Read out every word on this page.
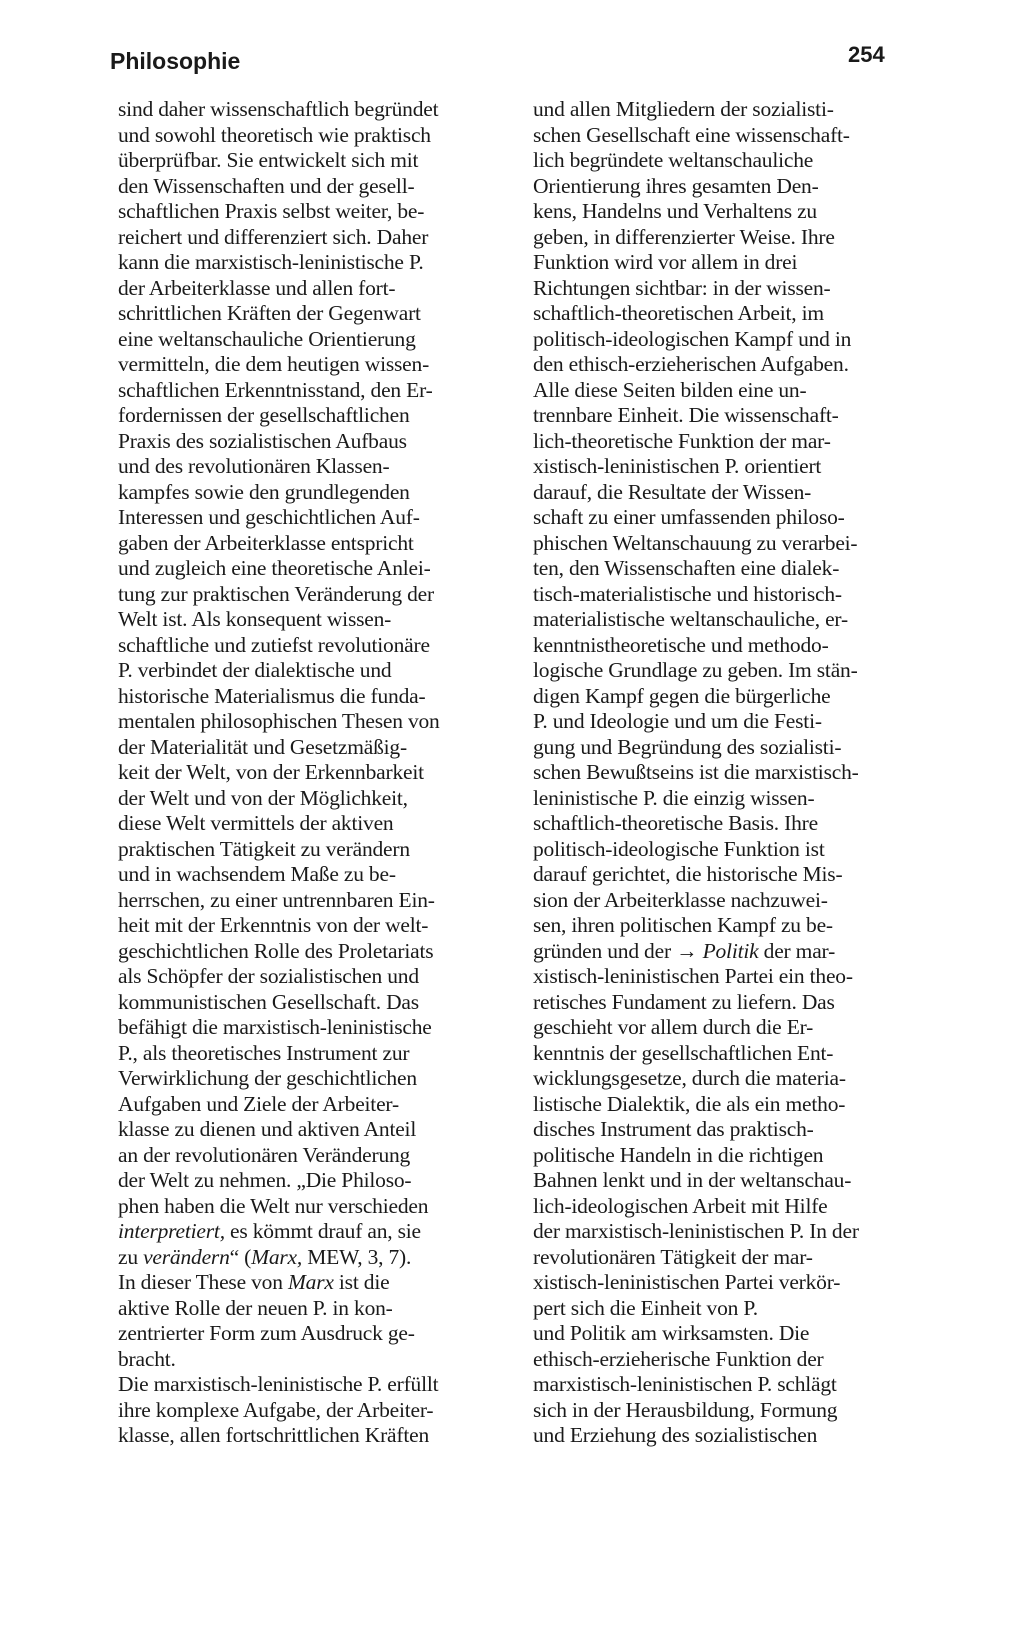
Philosophie	254
sind daher wissenschaftlich begründet
und sowohl theoretisch wie praktisch
überprüfbar. Sie entwickelt sich mit
den Wissenschaften und der gesell-
schaftlichen Praxis selbst weiter, be-
reichert und differenziert sich. Daher
kann die marxistisch-leninistische P.
der Arbeiterklasse und allen fort-
schrittlichen Kräften der Gegenwart
eine weltanschauliche Orientierung
vermitteln, die dem heutigen wissen-
schaftlichen Erkenntnisstand, den Er-
fordernissen der gesellschaftlichen
Praxis des sozialistischen Aufbaus
und des revolutionären Klassen-
kampfes sowie den grundlegenden
Interessen und geschichtlichen Auf-
gaben der Arbeiterklasse entspricht
und zugleich eine theoretische Anlei-
tung zur praktischen Veränderung der
Welt ist. Als konsequent wissen-
schaftliche und zutiefst revolutionäre
P. verbindet der dialektische und
historische Materialismus die funda-
mentalen philosophischen Thesen von
der Materialität und Gesetzmäßig-
keit der Welt, von der Erkennbarkeit
der Welt und von der Möglichkeit,
diese Welt vermittels der aktiven
praktischen Tätigkeit zu verändern
und in wachsendem Maße zu be-
herrschen, zu einer untrennbaren Ein-
heit mit der Erkenntnis von der welt-
geschichtlichen Rolle des Proletariats
als Schöpfer der sozialistischen und
kommunistischen Gesellschaft. Das
befähigt die marxistisch-leninistische
P., als theoretisches Instrument zur
Verwirklichung der geschichtlichen
Aufgaben und Ziele der Arbeiter-
klasse zu dienen und aktiven Anteil
an der revolutionären Veränderung
der Welt zu nehmen. „Die Philoso-
phen haben die Welt nur verschieden
interpretiert, es kömmt drauf an, sie
zu verändern“ (Marx, MEW, 3, 7).
In dieser These von Marx ist die
aktive Rolle der neuen P. in kon-
zentrierter Form zum Ausdruck ge-
bracht.
Die marxistisch-leninistische P. erfüllt
ihre komplexe Aufgabe, der Arbeiter-
klasse, allen fortschrittlichen Kräften
und allen Mitgliedern der sozialisti-
schen Gesellschaft eine wissenschaft-
lich begründete weltanschauliche
Orientierung ihres gesamten Den-
kens, Handelns und Verhaltens zu
geben, in differenzierter Weise. Ihre
Funktion wird vor allem in drei
Richtungen sichtbar: in der wissen-
schaftlich-theoretischen Arbeit, im
politisch-ideologischen Kampf und in
den ethisch-erzieherischen Aufgaben.
Alle diese Seiten bilden eine un-
trennbare Einheit. Die wissenschaft-
lich-theoretische Funktion der mar-
xistisch-leninistischen P. orientiert
darauf, die Resultate der Wissen-
schaft zu einer umfassenden philoso-
phischen Weltanschauung zu verarbei-
ten, den Wissenschaften eine dialek-
tisch-materialistische und historisch-
materialistische weltanschauliche, er-
kenntnistheoretische und methodo-
logische Grundlage zu geben. Im stän-
digen Kampf gegen die bürgerliche
P. und Ideologie und um die Festi-
gung und Begründung des sozialisti-
schen Bewußtseins ist die marxistisch-
leninistische P. die einzig wissen-
schaftlich-theoretische Basis. Ihre
politisch-ideologische Funktion ist
darauf gerichtet, die historische Mis-
sion der Arbeiterklasse nachzuwei-
sen, ihren politischen Kampf zu be-
gründen und der → Politik der mar-
xistisch-leninistischen Partei ein theo-
retisches Fundament zu liefern. Das
geschieht vor allem durch die Er-
kenntnis der gesellschaftlichen Ent-
wicklungsgesetze, durch die materia-
listische Dialektik, die als ein metho-
disches Instrument das praktisch-
politische Handeln in die richtigen
Bahnen lenkt und in der weltanschau-
lich-ideologischen Arbeit mit Hilfe
der marxistisch-leninistischen P. In der
revolutionären Tätigkeit der mar-
xistisch-leninistischen Partei verkör-
pert sich die Einheit von P.
und Politik am wirksamsten. Die
ethisch-erzieherische Funktion der
marxistisch-leninistischen P. schlägt
sich in der Herausbildung, Formung
und Erziehung des sozialistischen
